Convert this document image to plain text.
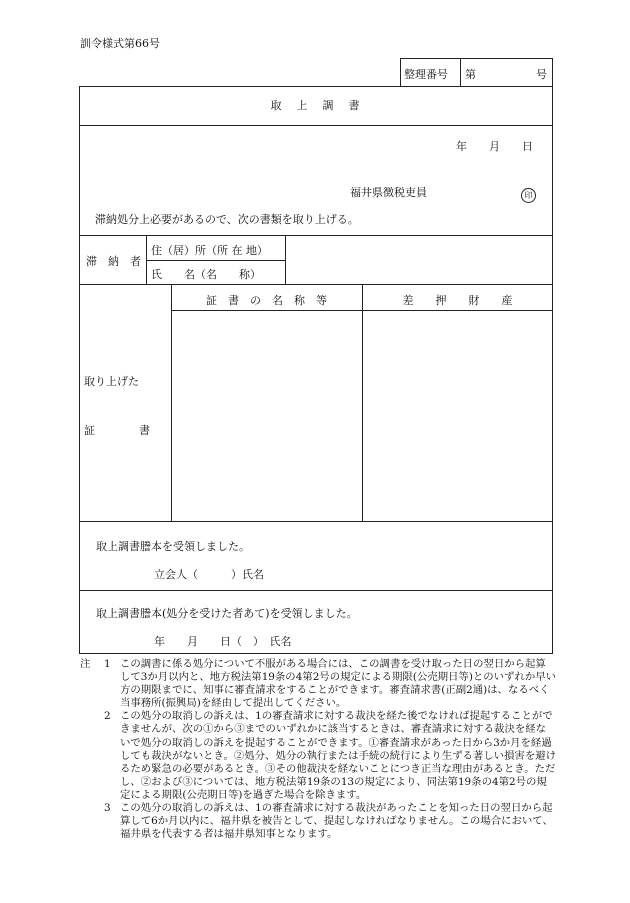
訓令様式第66号
整理番号 第	号
取　上　調　書
年 月 日
福井県徴税吏員	印
滞納処分上必要があるので、次の書類を取り上げる。
滞　納　者
住（居）所（所 在 地）
氏　　名（名　　称）
証　書　の　名　称　等	差　　押　　財　　産
取り上げた
証　　　　書
取上調書謄本を受領しました。
立会人（　　　）氏名
取上調書謄本(処分を受けた者あて)を受領しました。
年　　月　　日（　）　氏名
注 1 この調書に係る処分について不服がある場合には、この調書を受け取った日の翌日から起算して3か月以内と、地方税法第19条の4第2号の規定による期限(公売期日等)とのいずれか早い方の期限までに、知事に審査請求をすることができます。審査請求書(正副2通)は、なるべく当事務所(振興局)を経由して提出してください。
2 この処分の取消しの訴えは、1の審査請求に対する裁決を経た後でなければ提起することができませんが、次の①から③までのいずれかに該当するときは、審査請求に対する裁決を経ないで処分の取消しの訴えを提起することができます。①審査請求があった日から3か月を経過しても裁決がないとき。②処分、処分の執行または手続の続行により生ずる著しい損害を避けるため緊急の必要があるとき。③その他裁決を経ないことにつき正当な理由があるとき。ただし、②および③については、地方税法第19条の13の規定により、同法第19条の4第2号の規定による期限(公売期日等)を過ぎた場合を除きます。
3 この処分の取消しの訴えは、1の審査請求に対する裁決があったことを知った日の翌日から起算して6か月以内に、福井県を被告として、提起しなければなりません。この場合において、福井県を代表する者は福井県知事となります。
